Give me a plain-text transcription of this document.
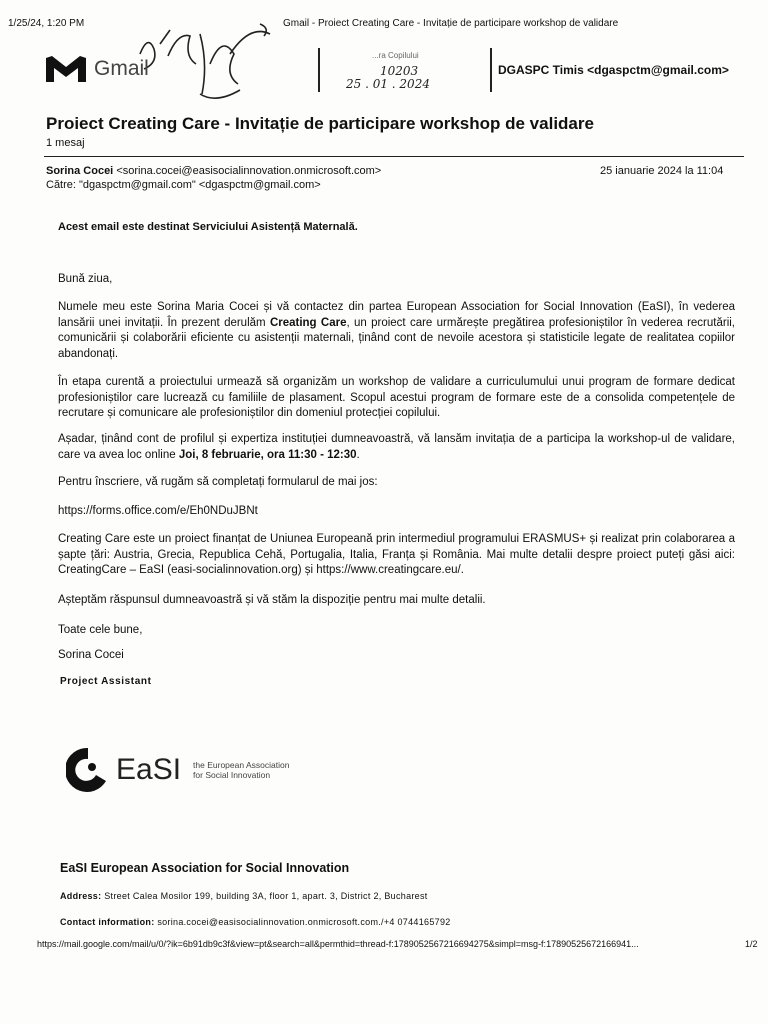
1/25/24, 1:20 PM	Gmail - Proiect Creating Care - Invitație de participare workshop de validare
Gmail
...ra Copilului
10203
25 . 01 . 2024
DGASPC Timis <dgaspctm@gmail.com>
Proiect Creating Care - Invitație de participare workshop de validare
1 mesaj
Sorina Cocei <sorina.cocei@easisocialinnovation.onmicrosoft.com>
Către: "dgaspctm@gmail.com" <dgaspctm@gmail.com>
25 ianuarie 2024 la 11:04
Acest email este destinat Serviciului Asistență Maternală.

Bună ziua,

Numele meu este Sorina Maria Cocei și vă contactez din partea European Association for Social Innovation (EaSI), în vederea lansării unei invitații. În prezent derulăm Creating Care, un proiect care urmărește pregătirea profesioniștilor în vederea recrutării, comunicării și colaborării eficiente cu asistenții maternali, ținând cont de nevoile acestora și statisticile legate de realitatea copiilor abandonați.

În etapa curentă a proiectului urmează să organizăm un workshop de validare a curriculumului unui program de formare dedicat profesioniștilor care lucrează cu familiile de plasament. Scopul acestui program de formare este de a consolida competențele de recrutare și comunicare ale profesioniștilor din domeniul protecției copilului.

Așadar, ținând cont de profilul și expertiza instituției dumneavoastră, vă lansăm invitația de a participa la workshop-ul de validare, care va avea loc online Joi, 8 februarie, ora 11:30 - 12:30.

Pentru înscriere, vă rugăm să completați formularul de mai jos:

https://forms.office.com/e/Eh0NDuJBNt

Creating Care este un proiect finanțat de Uniunea Europeană prin intermediul programului ERASMUS+ și realizat prin colaborarea a șapte țări: Austria, Grecia, Republica Cehă, Portugalia, Italia, Franța și România. Mai multe detalii despre proiect puteți găsi aici: CreatingCare – EaSI (easi-socialinnovation.org) și https://www.creatingcare.eu/.

Așteptăm răspunsul dumneavoastră și vă stăm la dispoziție pentru mai multe detalii.

Toate cele bune,

Sorina Cocei

Project Assistant
EaSI the European Association
for Social Innovation
EaSI European Association for Social Innovation
Address: Street Calea Mosilor 199, building 3A, floor 1, apart. 3, District 2, Bucharest
Contact information: sorina.cocei@easisocialinnovation.onmicrosoft.com./+4 0744165792
https://mail.google.com/mail/u/0/?ik=6b91db9c3f&view=pt&search=all&permthid=thread-f:1789052567216694275&simpl=msg-f:17890525672166941...	1/2
